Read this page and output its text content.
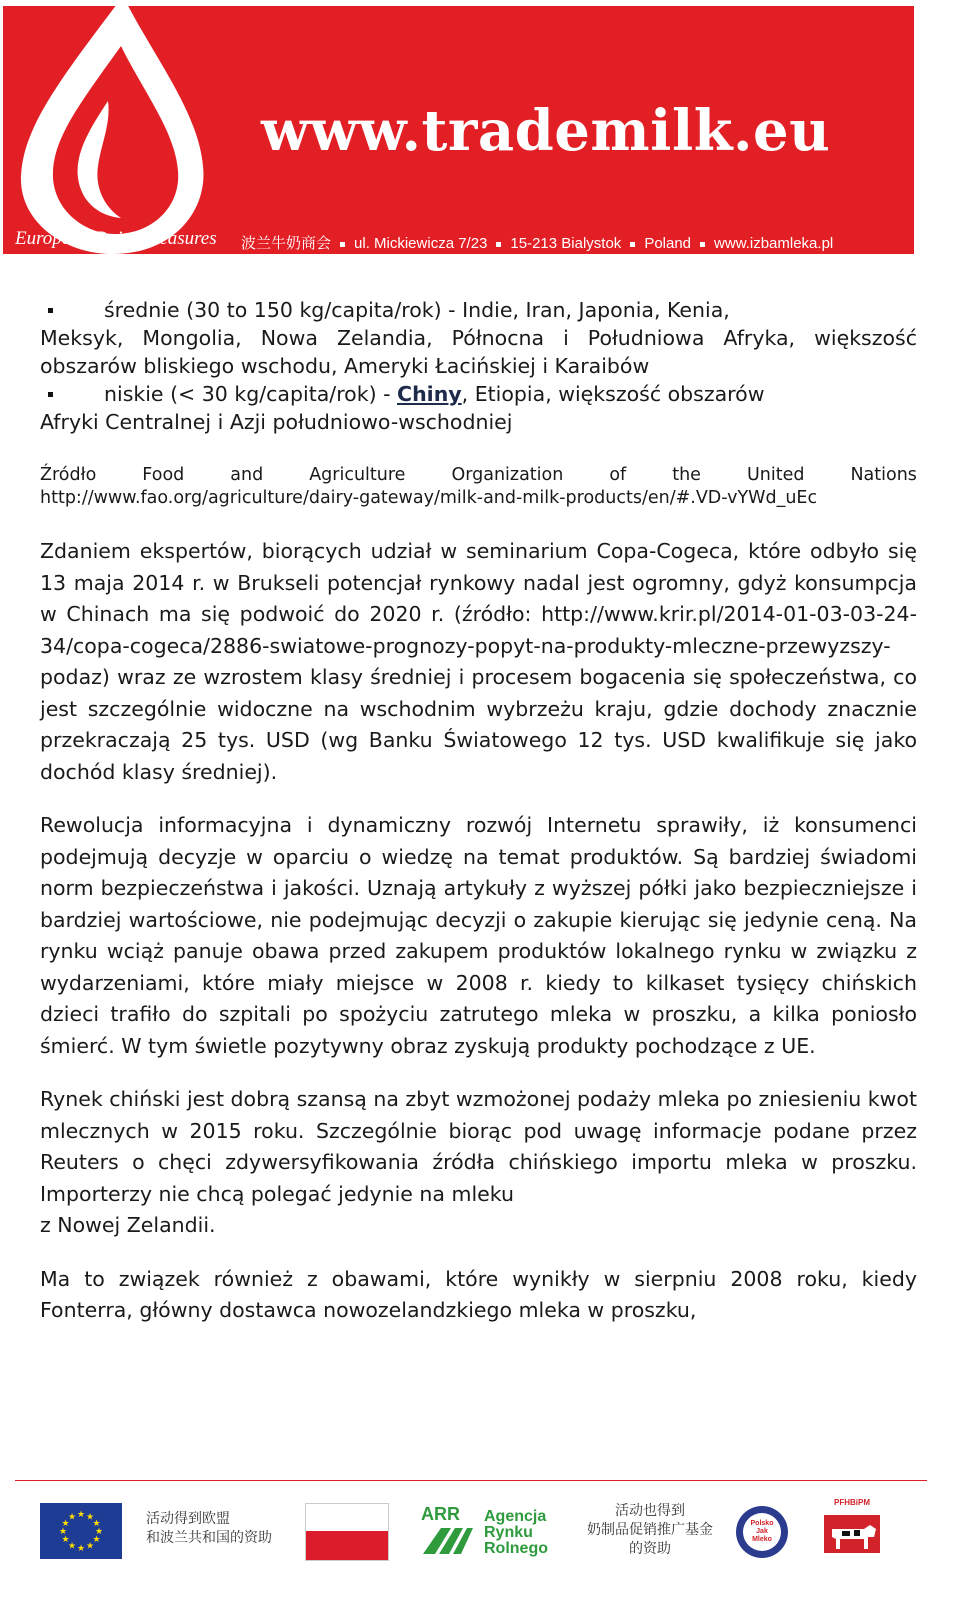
www.trademilk.eu
European Dairy Treasures 波兰牛奶商会 ul. Mickiewicza 7/23 15-213 Bialystok Poland www.izbamleka.pl
średnie (30 to 150 kg/capita/rok) - Indie, Iran, Japonia, Kenia,
Meksyk, Mongolia, Nowa Zelandia, Północna i Południowa Afryka, większość obszarów bliskiego wschodu, Ameryki Łacińskiej i Karaibów
niskie (< 30 kg/capita/rok) - Chiny, Etiopia, większość obszarów
Afryki Centralnej i Azji południowo-wschodniej
Źródło	Food	and	Agriculture	Organization	of	the	United	Nations
http://www.fao.org/agriculture/dairy-gateway/milk-and-milk-products/en/#.VD-vYWd_uEc

Zdaniem ekspertów, biorących udział w seminarium Copa-Cogeca, które odbyło się 13 maja 2014 r. w Brukseli potencjał rynkowy nadal jest ogromny, gdyż konsumpcja w Chinach ma się podwoić do 2020 r. (źródło: http://www.krir.pl/2014-01-03-03-24-34/copa-cogeca/2886-swiatowe-prognozy-popyt-na-produkty-mleczne-przewyzszy-podaz) wraz ze wzrostem klasy średniej i procesem bogacenia się społeczeństwa, co jest szczególnie widoczne na wschodnim wybrzeżu kraju, gdzie dochody znacznie przekraczają 25 tys. USD (wg Banku Światowego 12 tys. USD kwalifikuje się jako dochód klasy średniej).

Rewolucja informacyjna i dynamiczny rozwój Internetu sprawiły, iż konsumenci podejmują decyzje w oparciu o wiedzę na temat produktów. Są bardziej świadomi norm bezpieczeństwa i jakości. Uznają artykuły z wyższej półki jako bezpieczniejsze i bardziej wartościowe, nie podejmując decyzji o zakupie kierując się jedynie ceną. Na rynku wciąż panuje obawa przed zakupem produktów lokalnego rynku w związku z wydarzeniami, które miały miejsce w 2008 r. kiedy to kilkaset tysięcy chińskich dzieci trafiło do szpitali po spożyciu zatrutego mleka w proszku, a kilka poniosło śmierć. W tym świetle pozytywny obraz zyskują produkty pochodzące z UE.

Rynek chiński jest dobrą szansą na zbyt wzmożonej podaży mleka po zniesieniu kwot mlecznych w 2015 roku. Szczególnie biorąc pod uwagę informacje podane przez Reuters o chęci zdywersyfikowania źródła chińskiego importu mleka w proszku. Importerzy nie chcą polegać jedynie na mleku
z Nowej Zelandii.

Ma to związek również z obawami, które wynikły w sierpniu 2008 roku, kiedy Fonterra, główny dostawca nowozelandzkiego mleka w proszku,

★ ★
★
★
★
★
★
★
★
★
★
★	活动得到欧盟
和波兰共和国的资助
ARR	Agencja
Rynku
Rolnego
活动也得到
奶制品促销推广基金
的资助
Polsko
Jak
Mleko
PFHBiPM
